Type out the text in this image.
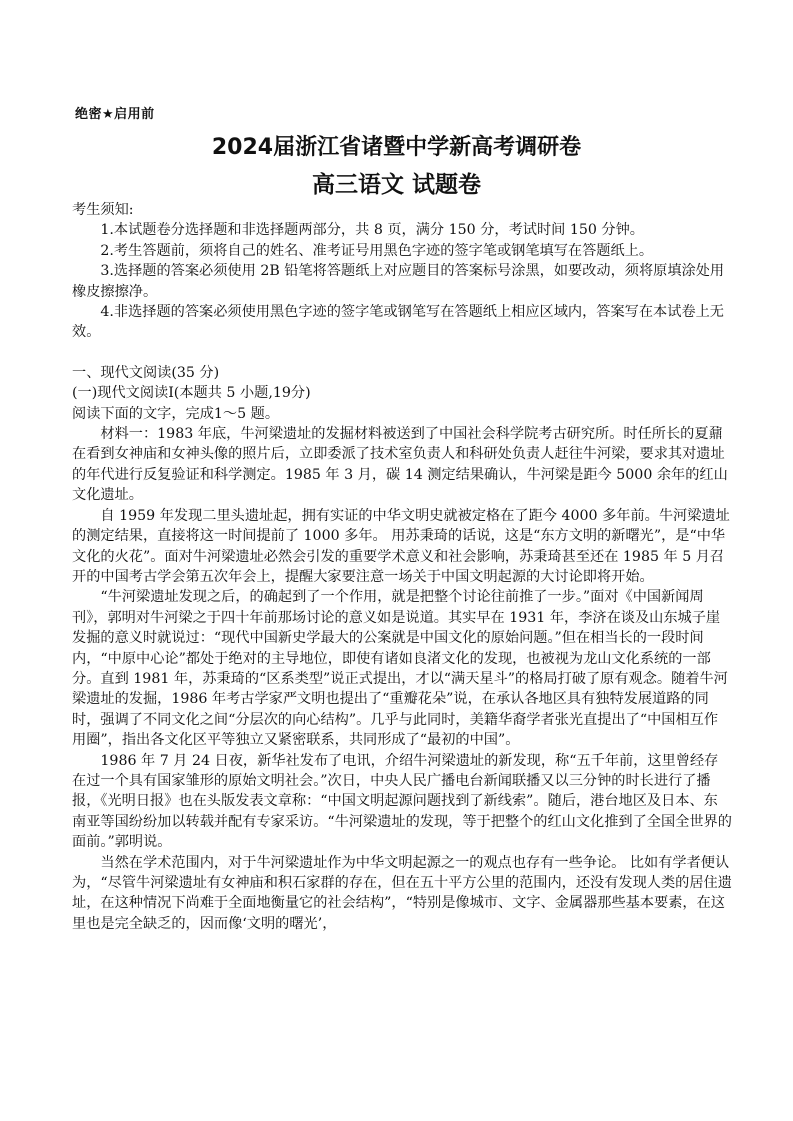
绝密★启用前
2024届浙江省诸暨中学新高考调研卷
高三语文 试题卷

考生须知:

1.本试题卷分选择题和非选择题两部分，共 8 页，满分 150 分，考试时间 150 分钟。

2.考生答题前，须将自己的姓名、准考证号用黑色字迹的签字笔或钢笔填写在答题纸上。

3.选择题的答案必须使用 2B 铅笔将答题纸上对应题目的答案标号涂黑，如要改动，须将原填涂处用橡皮擦擦净。

4.非选择题的答案必须使用黑色字迹的签字笔或钢笔写在答题纸上相应区域内，答案写在本试卷上无效。

一、现代文阅读(35 分)

(一)现代文阅读Ⅰ(本题共 5 小题,19分)

阅读下面的文字，完成1～5 题。

材料一：1983 年底，牛河梁遗址的发掘材料被送到了中国社会科学院考古研究所。时任所长的夏鼐在看到女神庙和女神头像的照片后，立即委派了技术室负责人和科研处负责人赶往牛河梁，要求其对遗址的年代进行反复验证和科学测定。1985 年 3 月，碳 14 测定结果确认，牛河梁是距今 5000 余年的红山文化遗址。

自 1959 年发现二里头遗址起，拥有实证的中华文明史就被定格在了距今 4000 多年前。牛河梁遗址的测定结果，直接将这一时间提前了 1000 多年。 用苏秉琦的话说，这是“东方文明的新曙光”，是“中华文化的火花”。面对牛河梁遗址必然会引发的重要学术意义和社会影响，苏秉琦甚至还在 1985 年 5 月召开的中国考古学会第五次年会上，提醒大家要注意一场关于中国文明起源的大讨论即将开始。

“牛河梁遗址发现之后，的确起到了一个作用，就是把整个讨论往前推了一步。”面对《中国新闻周刊》，郭明对牛河梁之于四十年前那场讨论的意义如是说道。其实早在 1931 年，李济在谈及山东城子崖发掘的意义时就说过：“现代中国新史学最大的公案就是中国文化的原始问题。”但在相当长的一段时间内，“中原中心论”都处于绝对的主导地位，即使有诸如良渚文化的发现，也被视为龙山文化系统的一部分。直到 1981 年，苏秉琦的“区系类型”说正式提出，才以“满天星斗”的格局打破了原有观念。随着牛河梁遗址的发掘，1986 年考古学家严文明也提出了“重瓣花朵”说，在承认各地区具有独特发展道路的同时，强调了不同文化之间“分层次的向心结构”。几乎与此同时，美籍华裔学者张光直提出了“中国相互作用圈”，指出各文化区平等独立又紧密联系，共同形成了“最初的中国”。

1986 年 7 月 24 日夜，新华社发布了电讯，介绍牛河梁遗址的新发现，称“五千年前，这里曾经存在过一个具有国家雏形的原始文明社会。”次日，中央人民广播电台新闻联播又以三分钟的时长进行了播报，《光明日报》也在头版发表文章称：“中国文明起源问题找到了新线索”。随后，港台地区及日本、东南亚等国纷纷加以转载并配有专家采访。“牛河梁遗址的发现，等于把整个的红山文化推到了全国全世界的面前。”郭明说。

当然在学术范围内，对于牛河梁遗址作为中华文明起源之一的观点也存有一些争论。 比如有学者便认为，“尽管牛河梁遗址有女神庙和积石家群的存在，但在五十平方公里的范围内，还没有发现人类的居住遗址，在这种情况下尚难于全面地衡量它的社会结构”，“特别是像城市、文字、金属器那些基本要素，在这里也是完全缺乏的，因而像‘文明的曙光’，
